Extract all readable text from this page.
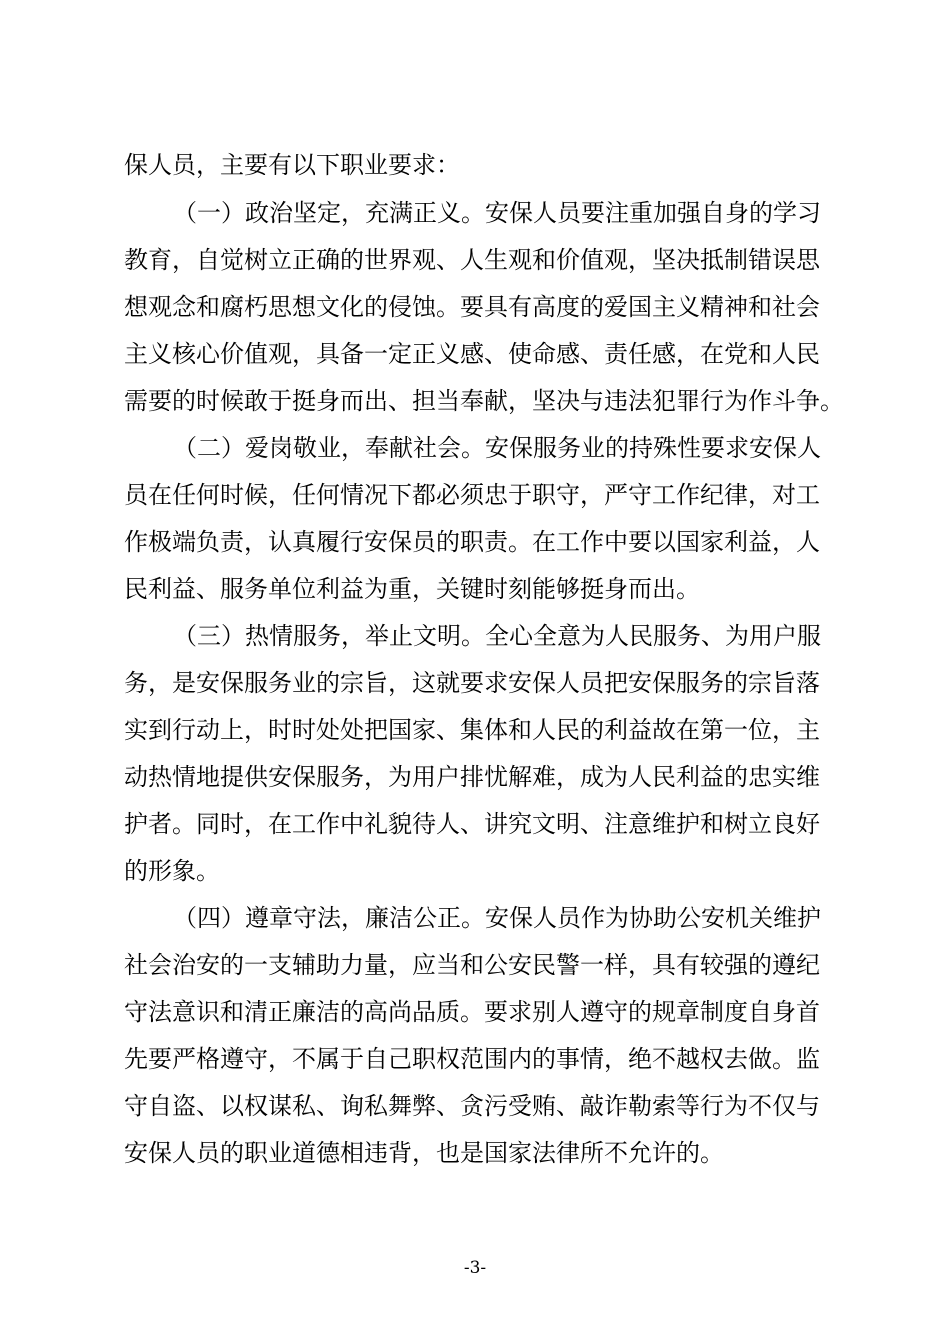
保人员，主要有以下职业要求：
（一）政治坚定，充满正义。安保人员要注重加强自身的学习
教育，自觉树立正确的世界观、人生观和价值观，坚决抵制错误思
想观念和腐朽思想文化的侵蚀。要具有高度的爱国主义精神和社会
主义核心价值观，具备一定正义感、使命感、责任感，在党和人民
需要的时候敢于挺身而出、担当奉献，坚决与违法犯罪行为作斗争。
（二）爱岗敬业，奉献社会。安保服务业的持殊性要求安保人
员在任何时候，任何情况下都必须忠于职守，严守工作纪律，对工
作极端负责，认真履行安保员的职责。在工作中要以国家利益，人
民利益、服务单位利益为重，关键时刻能够挺身而出。
（三）热情服务，举止文明。全心全意为人民服务、为用户服
务，是安保服务业的宗旨，这就要求安保人员把安保服务的宗旨落
实到行动上，时时处处把国家、集体和人民的利益故在第一位，主
动热情地提供安保服务，为用户排忧解难，成为人民利益的忠实维
护者。同时，在工作中礼貌待人、讲究文明、注意维护和树立良好
的形象。
（四）遵章守法，廉洁公正。安保人员作为协助公安机关维护
社会治安的一支辅助力量，应当和公安民警一样，具有较强的遵纪
守法意识和清正廉洁的高尚品质。要求别人遵守的规章制度自身首
先要严格遵守，不属于自己职权范围内的事情，绝不越权去做。监
守自盗、以权谋私、询私舞弊、贪污受贿、敲诈勒索等行为不仅与
安保人员的职业道德相违背，也是国家法律所不允许的。
-3-
